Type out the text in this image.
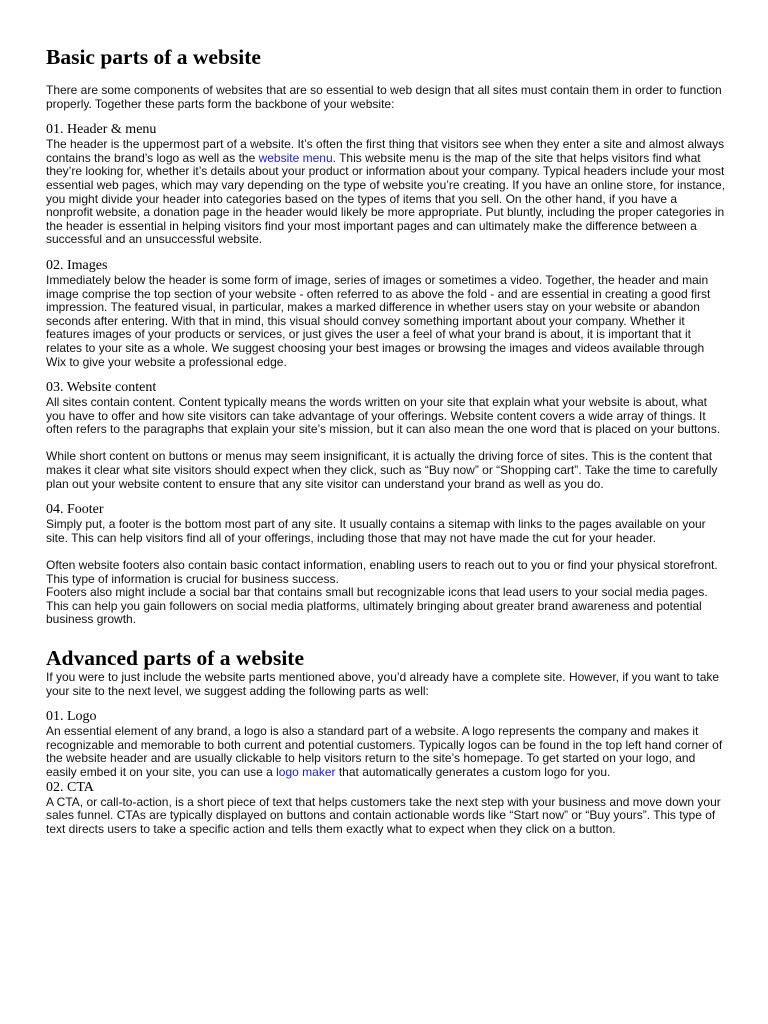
Basic parts of a website

There are some components of websites that are so essential to web design that all sites must contain them in order to function properly. Together these parts form the backbone of your website:

01. Header & menu

The header is the uppermost part of a website. It’s often the first thing that visitors see when they enter a site and almost always contains the brand’s logo as well as the website menu. This website menu is the map of the site that helps visitors find what they’re looking for, whether it’s details about your product or information about your company. Typical headers include your most essential web pages, which may vary depending on the type of website you’re creating. If you have an online store, for instance, you might divide your header into categories based on the types of items that you sell. On the other hand, if you have a nonprofit website, a donation page in the header would likely be more appropriate. Put bluntly, including the proper categories in the header is essential in helping visitors find your most important pages and can ultimately make the difference between a successful and an unsuccessful website.

02. Images

Immediately below the header is some form of image, series of images or sometimes a video. Together, the header and main image comprise the top section of your website - often referred to as above the fold - and are essential in creating a good first impression. The featured visual, in particular, makes a marked difference in whether users stay on your website or abandon seconds after entering. With that in mind, this visual should convey something important about your company. Whether it features images of your products or services, or just gives the user a feel of what your brand is about, it is important that it relates to your site as a whole. We suggest choosing your best images or browsing the images and videos available through Wix to give your website a professional edge.

03. Website content

All sites contain content. Content typically means the words written on your site that explain what your website is about, what you have to offer and how site visitors can take advantage of your offerings. Website content covers a wide array of things. It often refers to the paragraphs that explain your site’s mission, but it can also mean the one word that is placed on your buttons.

While short content on buttons or menus may seem insignificant, it is actually the driving force of sites. This is the content that makes it clear what site visitors should expect when they click, such as “Buy now” or “Shopping cart”. Take the time to carefully plan out your website content to ensure that any site visitor can understand your brand as well as you do.

04. Footer

Simply put, a footer is the bottom most part of any site. It usually contains a sitemap with links to the pages available on your site. This can help visitors find all of your offerings, including those that may not have made the cut for your header.

Often website footers also contain basic contact information, enabling users to reach out to you or find your physical storefront. This type of information is crucial for business success.

Footers also might include a social bar that contains small but recognizable icons that lead users to your social media pages. This can help you gain followers on social media platforms, ultimately bringing about greater brand awareness and potential business growth.

Advanced parts of a website

If you were to just include the website parts mentioned above, you’d already have a complete site. However, if you want to take your site to the next level, we suggest adding the following parts as well:

01. Logo

An essential element of any brand, a logo is also a standard part of a website. A logo represents the company and makes it recognizable and memorable to both current and potential customers. Typically logos can be found in the top left hand corner of the website header and are usually clickable to help visitors return to the site’s homepage. To get started on your logo, and easily embed it on your site, you can use a logo maker that automatically generates a custom logo for you.

02. CTA

A CTA, or call-to-action, is a short piece of text that helps customers take the next step with your business and move down your sales funnel. CTAs are typically displayed on buttons and contain actionable words like “Start now” or “Buy yours”. This type of text directs users to take a specific action and tells them exactly what to expect when they click on a button.
